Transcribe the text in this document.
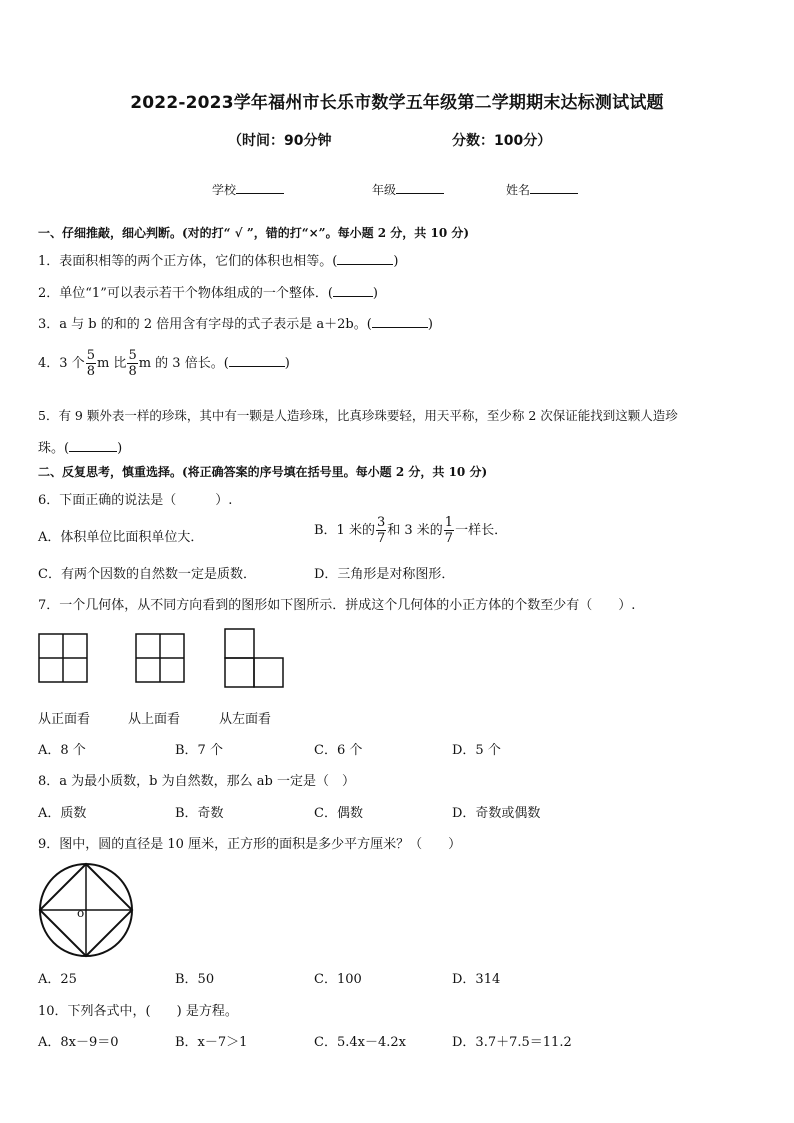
2022-2023学年福州市长乐市数学五年级第二学期期末达标测试试题
（时间：90分钟	分数：100分）
学校	年级	姓名
一、仔细推敲，细心判断。(对的打“ √ ”，错的打“×”。每小题 2 分，共 10 分)
1．表面积相等的两个正方体，它们的体积也相等。(	)
2．单位“1”可以表示若干个物体组成的一个整体．(	)
3．a 与 b 的和的 2 倍用含有字母的式子表示是 a＋2b。(	)
4．3 个 $\frac{5}{8}$ m 比 $\frac{5}{8}$ m 的 3 倍长。(	)
5．有 9 颗外表一样的珍珠，其中有一颗是人造珍珠，比真珍珠要轻，用天平称，至少称 2 次保证能找到这颗人造珍
珠。(	)
二、反复思考，慎重选择。(将正确答案的序号填在括号里。每小题 2 分，共 10 分)
6．下面正确的说法是（　　　）.
A．体积单位比面积单位大．	B．1 米的 $\frac{3}{7}$ 和 3 米的 $\frac{1}{7}$ 一样长．
C．有两个因数的自然数一定是质数．	D．三角形是对称图形．
7．一个几何体，从不同方向看到的图形如下图所示．拼成这个几何体的小正方体的个数至少有（　　）.
从正面看	从上面看	从左面看
A．8 个	B．7 个	C．6 个	D．5 个
8．a 为最小质数，b 为自然数，那么 ab 一定是（　）
A．质数	B．奇数	C．偶数	D．奇数或偶数
9．图中，圆的直径是 10 厘米，正方形的面积是多少平方厘米？（　　）
o
A．25	B．50	C．100	D．314
10．下列各式中，(　　) 是方程。
A．8x－9＝0	B．x－7＞1	C．5.4x－4.2x	D．3.7＋7.5＝11.2
